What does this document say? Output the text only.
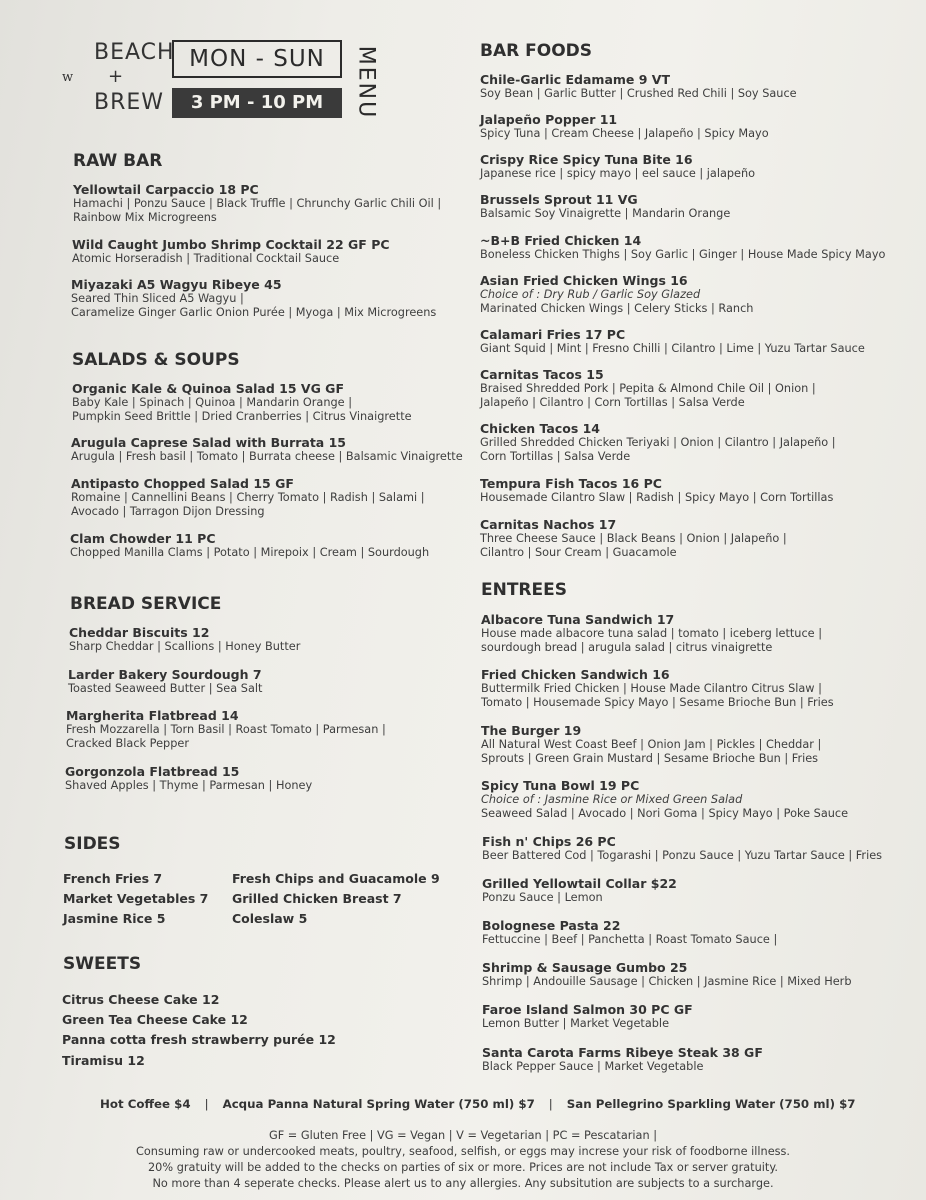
w
BEACH
+
BREW
MON - SUN
3 PM - 10 PM	MENU
RAW BAR
Yellowtail Carpaccio 18 PC
Hamachi | Ponzu Sauce | Black Truffle | Chrunchy Garlic Chili Oil |
Rainbow Mix Microgreens
Wild Caught Jumbo Shrimp Cocktail 22 GF PC
Atomic Horseradish | Traditional Cocktail Sauce
Miyazaki A5 Wagyu Ribeye 45
Seared Thin Sliced A5 Wagyu |
Caramelize Ginger Garlic Onion Purée | Myoga | Mix Microgreens
SALADS & SOUPS
Organic Kale & Quinoa Salad 15 VG GF
Baby Kale | Spinach | Quinoa | Mandarin Orange |
Pumpkin Seed Brittle | Dried Cranberries | Citrus Vinaigrette
Arugula Caprese Salad with Burrata 15
Arugula | Fresh basil | Tomato | Burrata cheese | Balsamic Vinaigrette
Antipasto Chopped Salad 15 GF
Romaine | Cannellini Beans | Cherry Tomato | Radish | Salami |
Avocado | Tarragon Dijon Dressing
Clam Chowder 11 PC
Chopped Manilla Clams | Potato | Mirepoix | Cream | Sourdough
BREAD SERVICE
Cheddar Biscuits 12
Sharp Cheddar | Scallions | Honey Butter
Larder Bakery Sourdough 7
Toasted Seaweed Butter | Sea Salt
Margherita Flatbread 14
Fresh Mozzarella | Torn Basil | Roast Tomato | Parmesan |
Cracked Black Pepper
Gorgonzola Flatbread 15
Shaved Apples | Thyme | Parmesan | Honey
SIDES
French Fries 7
Market Vegetables 7
Jasmine Rice 5
Fresh Chips and Guacamole 9
Grilled Chicken Breast 7
Coleslaw 5
SWEETS
Citrus Cheese Cake 12
Green Tea Cheese Cake 12
Panna cotta fresh strawberry purée 12
Tiramisu 12
BAR FOODS
Chile-Garlic Edamame 9 VT
Soy Bean | Garlic Butter | Crushed Red Chili | Soy Sauce
Jalapeño Popper 11
Spicy Tuna | Cream Cheese | Jalapeño | Spicy Mayo
Crispy Rice Spicy Tuna Bite 16
Japanese rice | spicy mayo | eel sauce | jalapeño
Brussels Sprout 11 VG
Balsamic Soy Vinaigrette | Mandarin Orange
~B+B Fried Chicken 14
Boneless Chicken Thighs | Soy Garlic | Ginger | House Made Spicy Mayo
Asian Fried Chicken Wings 16
Choice of : Dry Rub / Garlic Soy Glazed
Marinated Chicken Wings | Celery Sticks | Ranch
Calamari Fries 17 PC
Giant Squid | Mint | Fresno Chilli | Cilantro | Lime | Yuzu Tartar Sauce
Carnitas Tacos 15
Braised Shredded Pork | Pepita & Almond Chile Oil | Onion |
Jalapeño | Cilantro | Corn Tortillas | Salsa Verde
Chicken Tacos 14
Grilled Shredded Chicken Teriyaki | Onion | Cilantro | Jalapeño |
Corn Tortillas | Salsa Verde
Tempura Fish Tacos 16 PC
Housemade Cilantro Slaw | Radish | Spicy Mayo | Corn Tortillas
Carnitas Nachos 17
Three Cheese Sauce | Black Beans | Onion | Jalapeño |
Cilantro | Sour Cream | Guacamole
ENTREES
Albacore Tuna Sandwich 17
House made albacore tuna salad | tomato | iceberg lettuce |
sourdough bread | arugula salad | citrus vinaigrette
Fried Chicken Sandwich 16
Buttermilk Fried Chicken | House Made Cilantro Citrus Slaw |
Tomato | Housemade Spicy Mayo | Sesame Brioche Bun | Fries
The Burger 19
All Natural West Coast Beef | Onion Jam | Pickles | Cheddar |
Sprouts | Green Grain Mustard | Sesame Brioche Bun | Fries
Spicy Tuna Bowl 19 PC
Choice of : Jasmine Rice or Mixed Green Salad
Seaweed Salad | Avocado | Nori Goma | Spicy Mayo | Poke Sauce
Fish n' Chips 26 PC
Beer Battered Cod | Togarashi | Ponzu Sauce | Yuzu Tartar Sauce | Fries
Grilled Yellowtail Collar $22
Ponzu Sauce | Lemon
Bolognese Pasta 22
Fettuccine | Beef | Panchetta | Roast Tomato Sauce |
Shrimp & Sausage Gumbo 25
Shrimp | Andouille Sausage | Chicken | Jasmine Rice | Mixed Herb
Faroe Island Salmon 30 PC GF
Lemon Butter | Market Vegetable
Santa Carota Farms Ribeye Steak 38 GF
Black Pepper Sauce | Market Vegetable
Hot Coffee $4 | Acqua Panna Natural Spring Water (750 ml) $7 | San Pellegrino Sparkling Water (750 ml) $7
GF = Gluten Free | VG = Vegan | V = Vegetarian | PC = Pescatarian |
Consuming raw or undercooked meats, poultry, seafood, selfish, or eggs may increse your risk of foodborne illness.
20% gratuity will be added to the checks on parties of six or more. Prices are not include Tax or server gratuity.
No more than 4 seperate checks. Please alert us to any allergies. Any subsitution are subjects to a surcharge.
